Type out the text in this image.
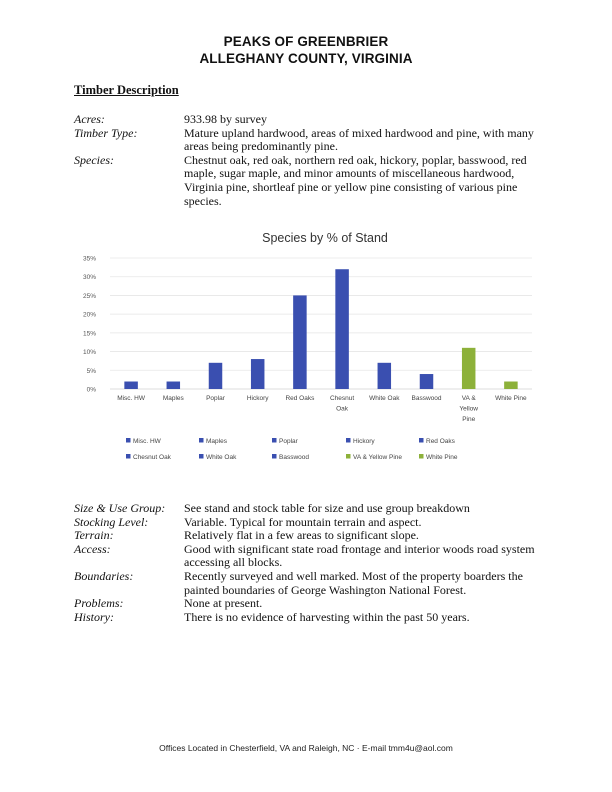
PEAKS OF GREENBRIER
ALLEGHANY COUNTY, VIRGINIA
Timber Description
Acres:	933.98 by survey
Timber Type:	Mature upland hardwood, areas of mixed hardwood and pine, with many areas being predominantly pine.
Species:	Chestnut oak, red oak, northern red oak, hickory, poplar, basswood, red maple, sugar maple, and minor amounts of miscellaneous hardwood, Virginia pine, shortleaf pine or yellow pine consisting of various pine species.
Species by % of Stand
0%
5%
10%
15%
20%
25%
30%
35%
Misc. HW	Maples	Poplar	Hickory	Red Oaks Chesnut
Oak
White Oak Basswood	VA &
Yellow
Pine
White Pine
Misc. HW	Maples	Poplar	Hickory	Red Oaks
Chesnut Oak	White Oak	Basswood	VA & Yellow Pine	White Pine
Size & Use Group:	See stand and stock table for size and use group breakdown
Stocking Level:	Variable. Typical for mountain terrain and aspect.
Terrain:	Relatively flat in a few areas to significant slope.
Access:	Good with significant state road frontage and interior woods road system accessing all blocks.
Boundaries:	Recently surveyed and well marked. Most of the property boarders the painted boundaries of George Washington National Forest.
Problems:	None at present.
History:	There is no evidence of harvesting within the past 50 years.
Offices Located in Chesterfield, VA and Raleigh, NC · E-mail tmm4u@aol.com
